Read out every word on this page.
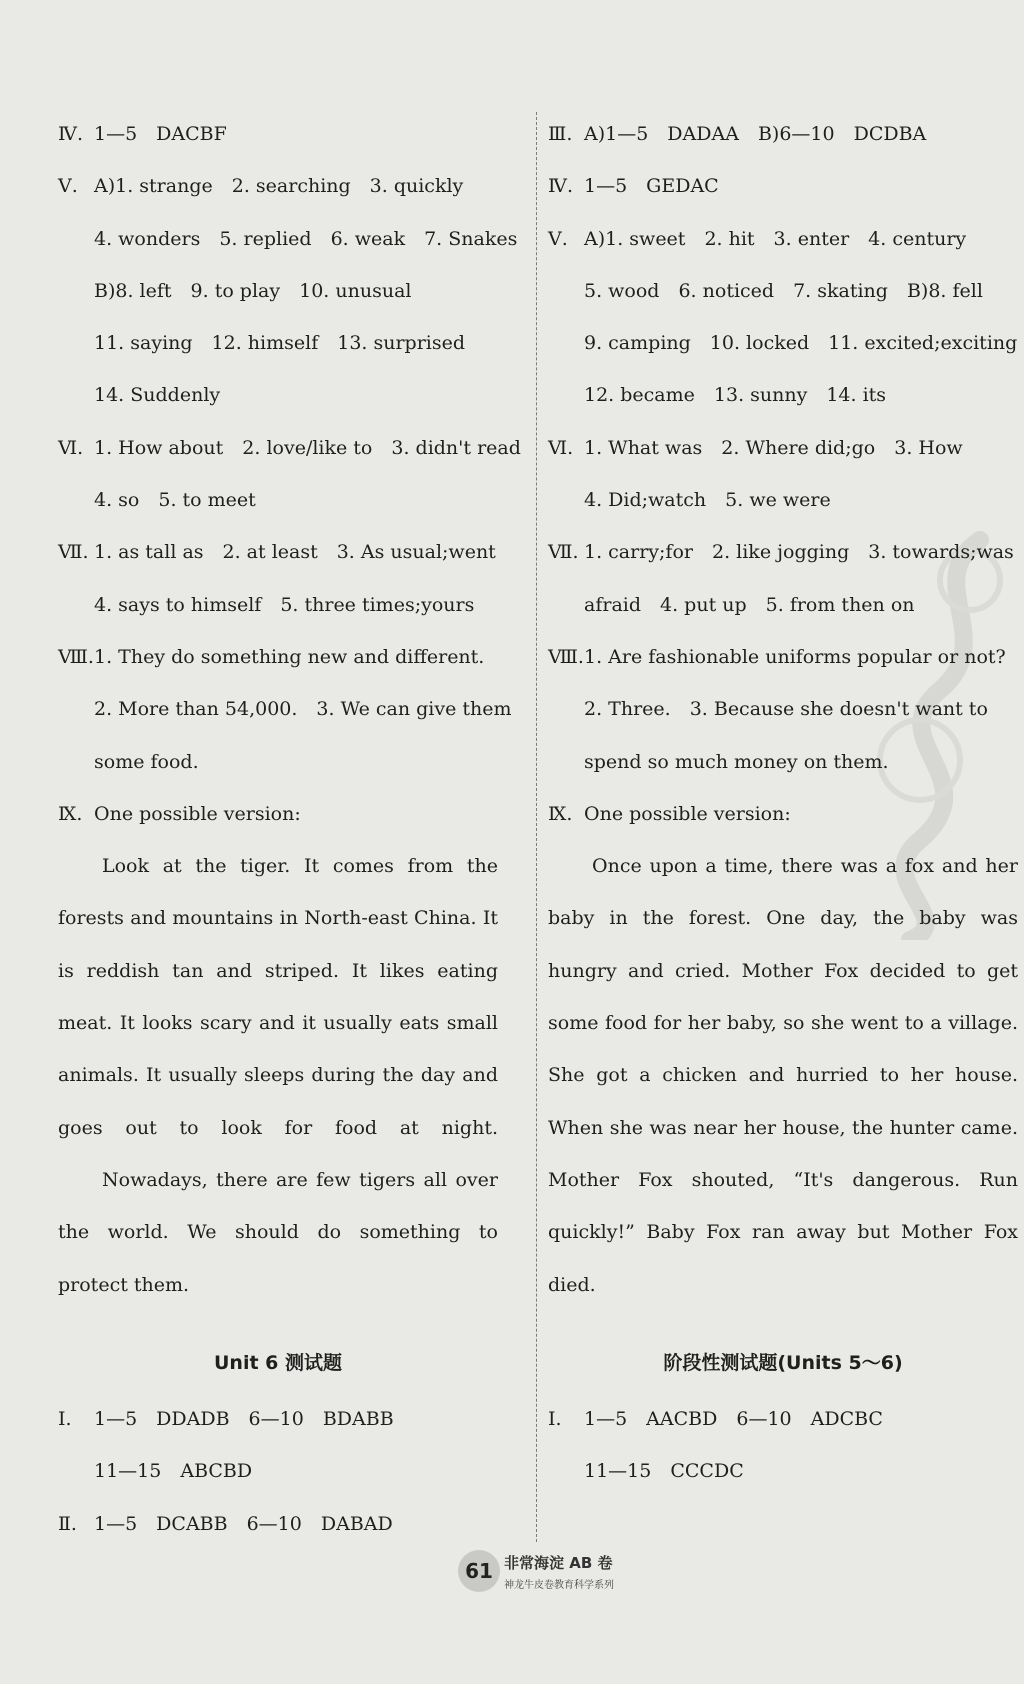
Ⅳ. 1—5　DACBF
Ⅴ. A)1. strange　2. searching　3. quickly
4. wonders　5. replied　6. weak　7. Snakes
B)8. left　9. to play　10. unusual
11. saying　12. himself　13. surprised
14. Suddenly
Ⅵ. 1. How about　2. love/like to　3. didn't read
4. so　5. to meet
Ⅶ. 1. as tall as　2. at least　3. As usual;went
4. says to himself　5. three times;yours
Ⅷ.1. They do something new and different.
2. More than 54,000.　3. We can give them
some food.
Ⅸ. One possible version:
Look at the tiger. It comes from the forests and mountains in North-east China. It is reddish tan and striped. It likes eating meat. It looks scary and it usually eats small animals. It usually sleeps during the day and goes out to look for food at night.
Nowadays, there are few tigers all over the world. We should do something to protect them.
Unit 6 测试题
Ⅰ. 1—5　DDADB　6—10　BDABB
11—15　ABCBD
Ⅱ. 1—5　DCABB　6—10　DABAD
Ⅲ. A)1—5　DADAA　B)6—10　DCDBA
Ⅳ. 1—5　GEDAC
Ⅴ. A)1. sweet　2. hit　3. enter　4. century
5. wood　6. noticed　7. skating　B)8. fell
9. camping　10. locked　11. excited;exciting
12. became　13. sunny　14. its
Ⅵ. 1. What was　2. Where did;go　3. How
4. Did;watch　5. we were
Ⅶ. 1. carry;for　2. like jogging　3. towards;was
afraid　4. put up　5. from then on
Ⅷ.1. Are fashionable uniforms popular or not?
2. Three.　3. Because she doesn't want to
spend so much money on them.
Ⅸ. One possible version:
Once upon a time, there was a fox and her baby in the forest. One day, the baby was hungry and cried. Mother Fox decided to get some food for her baby, so she went to a village. She got a chicken and hurried to her house. When she was near her house, the hunter came. Mother Fox shouted, “It's dangerous. Run quickly!” Baby Fox ran away but Mother Fox died.
阶段性测试题(Units 5～6)
Ⅰ. 1—5　AACBD　6—10　ADCBC
11—15　CCCDC
61 非常海淀 AB 卷
神龙牛皮卷教育科学系列
